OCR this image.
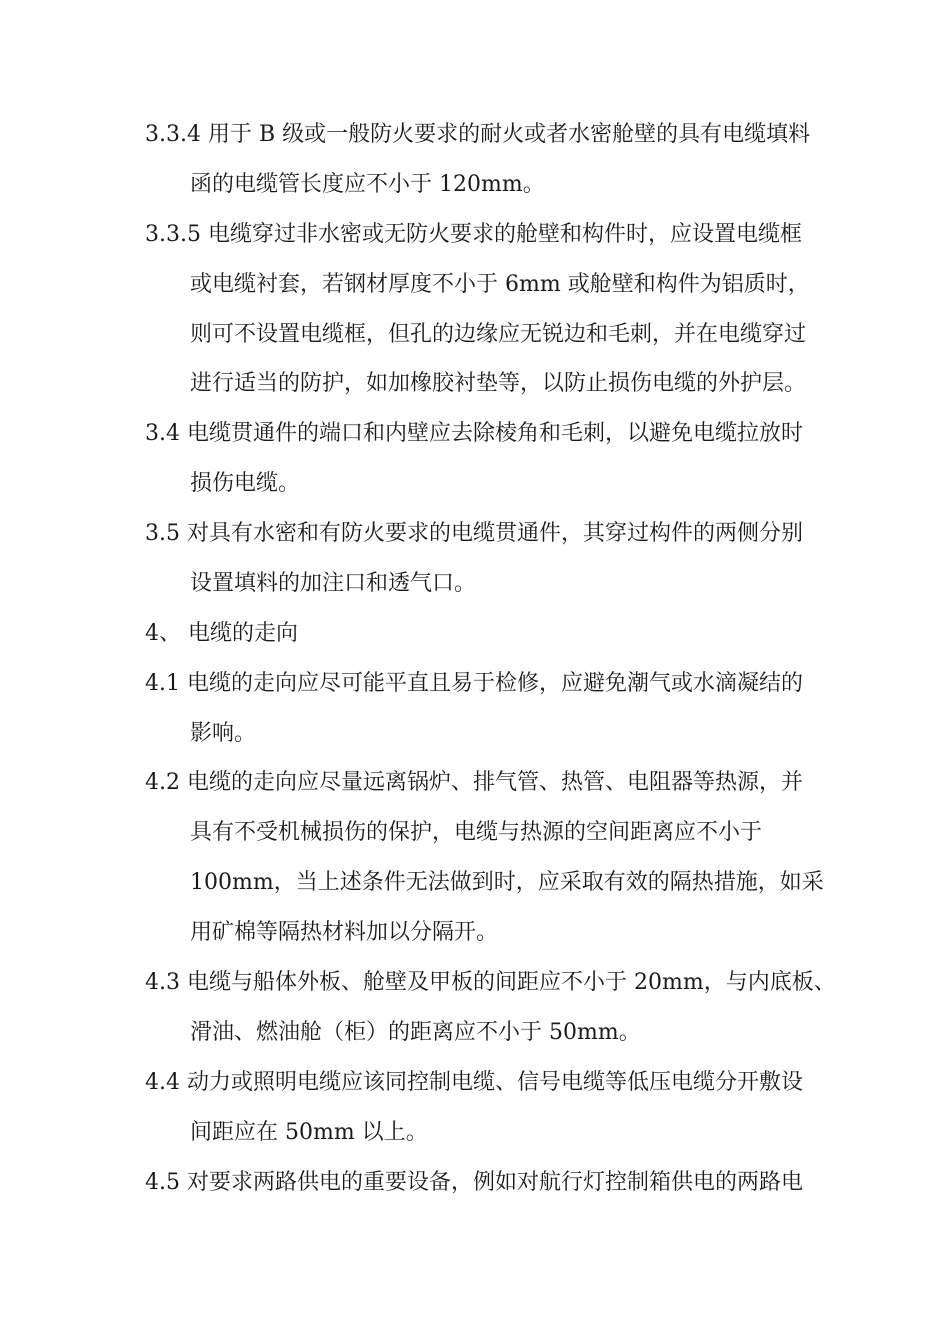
3.3.4 用于 B 级或一般防火要求的耐火或者水密舱壁的具有电缆填料
函的电缆管长度应不小于 120mm。
3.3.5 电缆穿过非水密或无防火要求的舱壁和构件时，应设置电缆框
或电缆衬套，若钢材厚度不小于 6mm 或舱壁和构件为铝质时，
则可不设置电缆框，但孔的边缘应无锐边和毛刺，并在电缆穿过
进行适当的防护，如加橡胶衬垫等，以防止损伤电缆的外护层。
3.4 电缆贯通件的端口和内壁应去除棱角和毛刺，以避免电缆拉放时
损伤电缆。
3.5 对具有水密和有防火要求的电缆贯通件，其穿过构件的两侧分别
设置填料的加注口和透气口。
4、 电缆的走向
4.1 电缆的走向应尽可能平直且易于检修，应避免潮气或水滴凝结的
影响。
4.2 电缆的走向应尽量远离锅炉、排气管、热管、电阻器等热源，并
具有不受机械损伤的保护，电缆与热源的空间距离应不小于
100mm，当上述条件无法做到时，应采取有效的隔热措施，如采
用矿棉等隔热材料加以分隔开。
4.3 电缆与船体外板、舱壁及甲板的间距应不小于 20mm，与内底板、
滑油、燃油舱（柜）的距离应不小于 50mm。
4.4 动力或照明电缆应该同控制电缆、信号电缆等低压电缆分开敷设
间距应在 50mm 以上。
4.5 对要求两路供电的重要设备，例如对航行灯控制箱供电的两路电
